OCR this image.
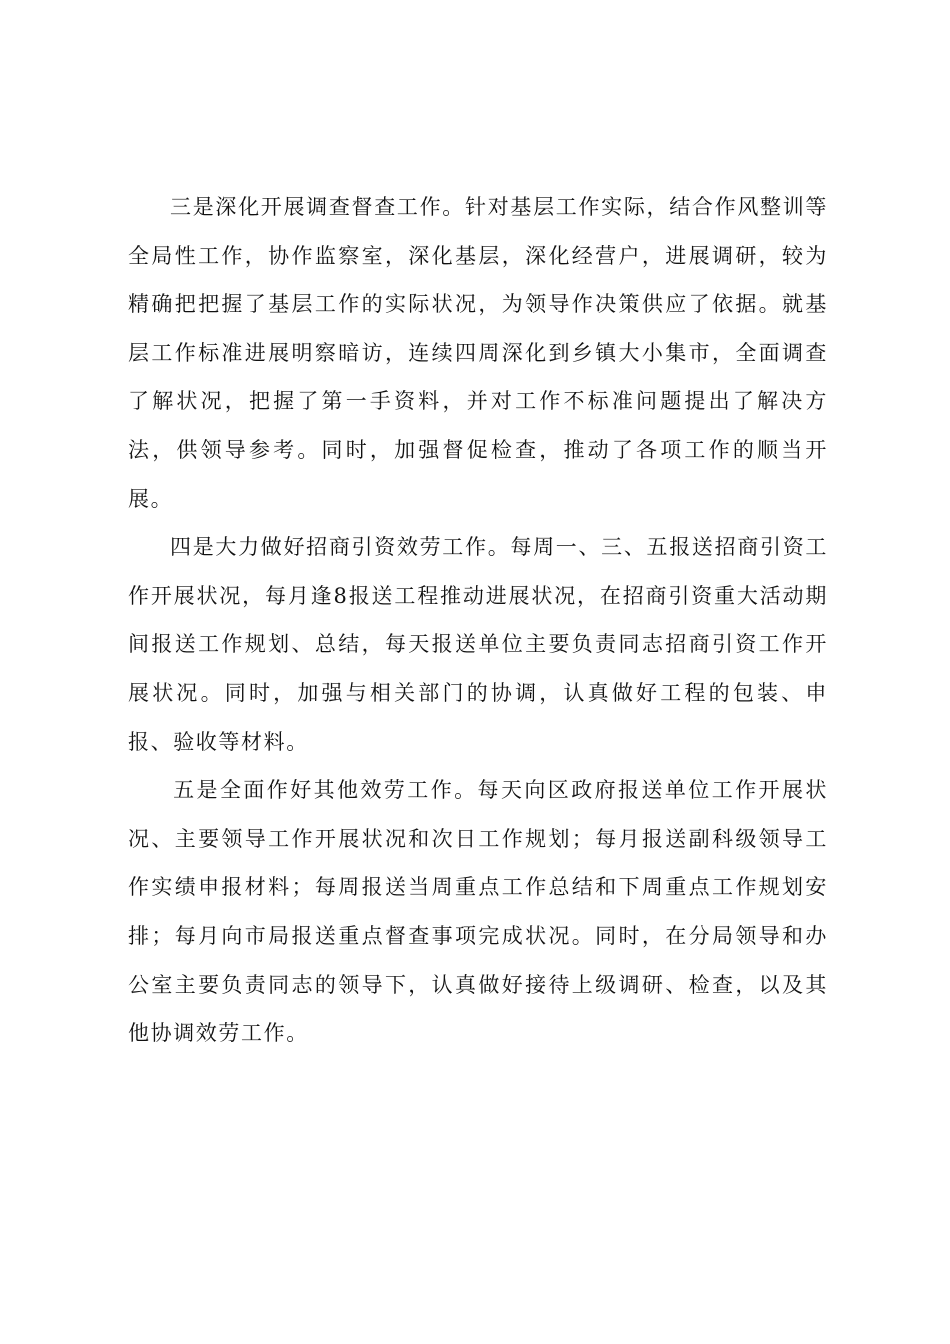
三是深化开展调查督查工作。针对基层工作实际，结合作风整训等全局性工作，协作监察室，深化基层，深化经营户，进展调研，较为精确把把握了基层工作的实际状况，为领导作决策供应了依据。就基层工作标准进展明察暗访，连续四周深化到乡镇大小集市，全面调查了解状况，把握了第一手资料，并对工作不标准问题提出了解决方法，供领导参考。同时，加强督促检查，推动了各项工作的顺当开展。

四是大力做好招商引资效劳工作。每周一、三、五报送招商引资工作开展状况，每月逢8报送工程推动进展状况，在招商引资重大活动期间报送工作规划、总结，每天报送单位主要负责同志招商引资工作开展状况。同时，加强与相关部门的协调，认真做好工程的包装、申报、验收等材料。

五是全面作好其他效劳工作。每天向区政府报送单位工作开展状况、主要领导工作开展状况和次日工作规划；每月报送副科级领导工作实绩申报材料；每周报送当周重点工作总结和下周重点工作规划安排；每月向市局报送重点督查事项完成状况。同时，在分局领导和办公室主要负责同志的领导下，认真做好接待上级调研、检查，以及其他协调效劳工作。
